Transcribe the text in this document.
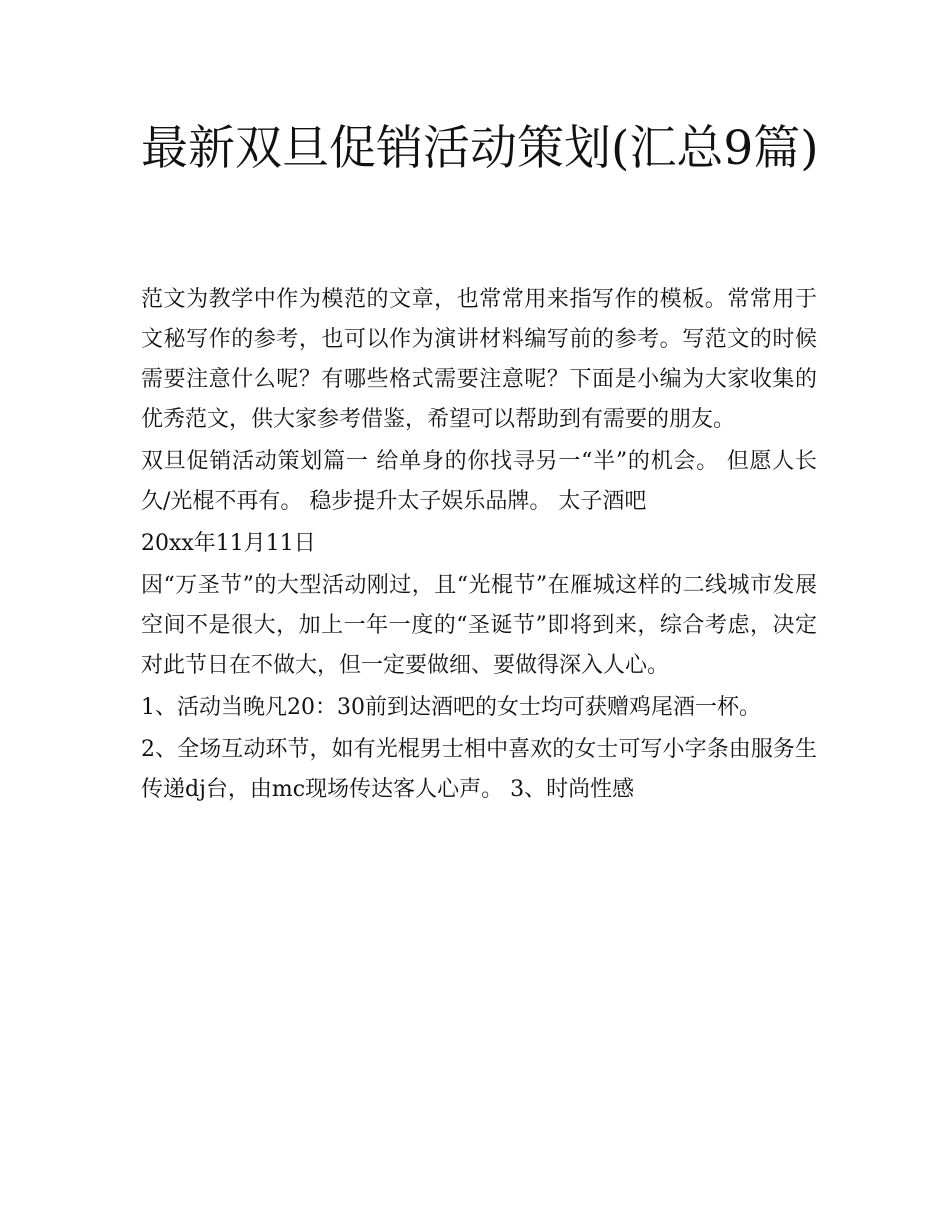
最新双旦促销活动策划(汇总9篇)

范文为教学中作为模范的文章，也常常用来指写作的模板。常常用于文秘写作的参考，也可以作为演讲材料编写前的参考。写范文的时候需要注意什么呢？有哪些格式需要注意呢？下面是小编为大家收集的优秀范文，供大家参考借鉴，希望可以帮助到有需要的朋友。

双旦促销活动策划篇一 给单身的你找寻另一“半”的机会。 但愿人长久/光棍不再有。 稳步提升太子娱乐品牌。 太子酒吧

20xx年11月11日

因“万圣节”的大型活动刚过，且“光棍节”在雁城这样的二线城市发展空间不是很大，加上一年一度的“圣诞节”即将到来，综合考虑，决定对此节日在不做大，但一定要做细、要做得深入人心。

1、活动当晚凡20：30前到达酒吧的女士均可获赠鸡尾酒一杯。

2、全场互动环节，如有光棍男士相中喜欢的女士可写小字条由服务生传递dj台，由mc现场传达客人心声。 3、时尚性感
